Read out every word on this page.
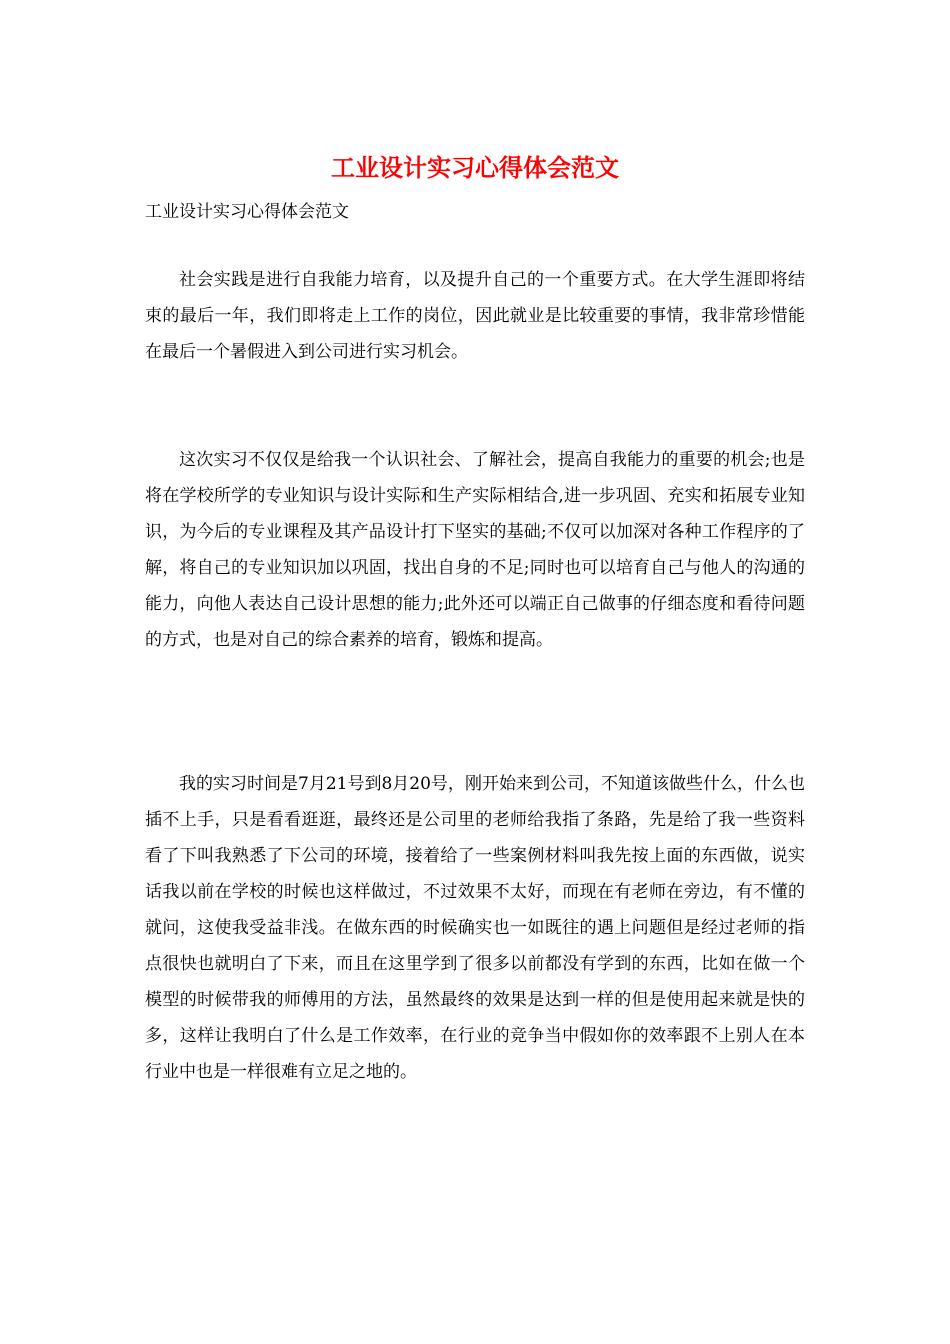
工业设计实习心得体会范文

工业设计实习心得体会范文

社会实践是进行自我能力培育，以及提升自己的一个重要方式。在大学生涯即将结束的最后一年，我们即将走上工作的岗位，因此就业是比较重要的事情，我非常珍惜能在最后一个暑假进入到公司进行实习机会。

这次实习不仅仅是给我一个认识社会、了解社会，提高自我能力的重要的机会;也是将在学校所学的专业知识与设计实际和生产实际相结合,进一步巩固、充实和拓展专业知识，为今后的专业课程及其产品设计打下坚实的基础;不仅可以加深对各种工作程序的了解，将自己的专业知识加以巩固，找出自身的不足;同时也可以培育自己与他人的沟通的能力，向他人表达自己设计思想的能力;此外还可以端正自己做事的仔细态度和看待问题的方式，也是对自己的综合素养的培育，锻炼和提高。

我的实习时间是7月21号到8月20号，刚开始来到公司，不知道该做些什么，什么也插不上手，只是看看逛逛，最终还是公司里的老师给我指了条路，先是给了我一些资料看了下叫我熟悉了下公司的环境，接着给了一些案例材料叫我先按上面的东西做，说实话我以前在学校的时候也这样做过，不过效果不太好，而现在有老师在旁边，有不懂的就问，这使我受益非浅。在做东西的时候确实也一如既往的遇上问题但是经过老师的指点很快也就明白了下来，而且在这里学到了很多以前都没有学到的东西，比如在做一个模型的时候带我的师傅用的方法，虽然最终的效果是达到一样的但是使用起来就是快的多，这样让我明白了什么是工作效率，在行业的竞争当中假如你的效率跟不上别人在本行业中也是一样很难有立足之地的。
